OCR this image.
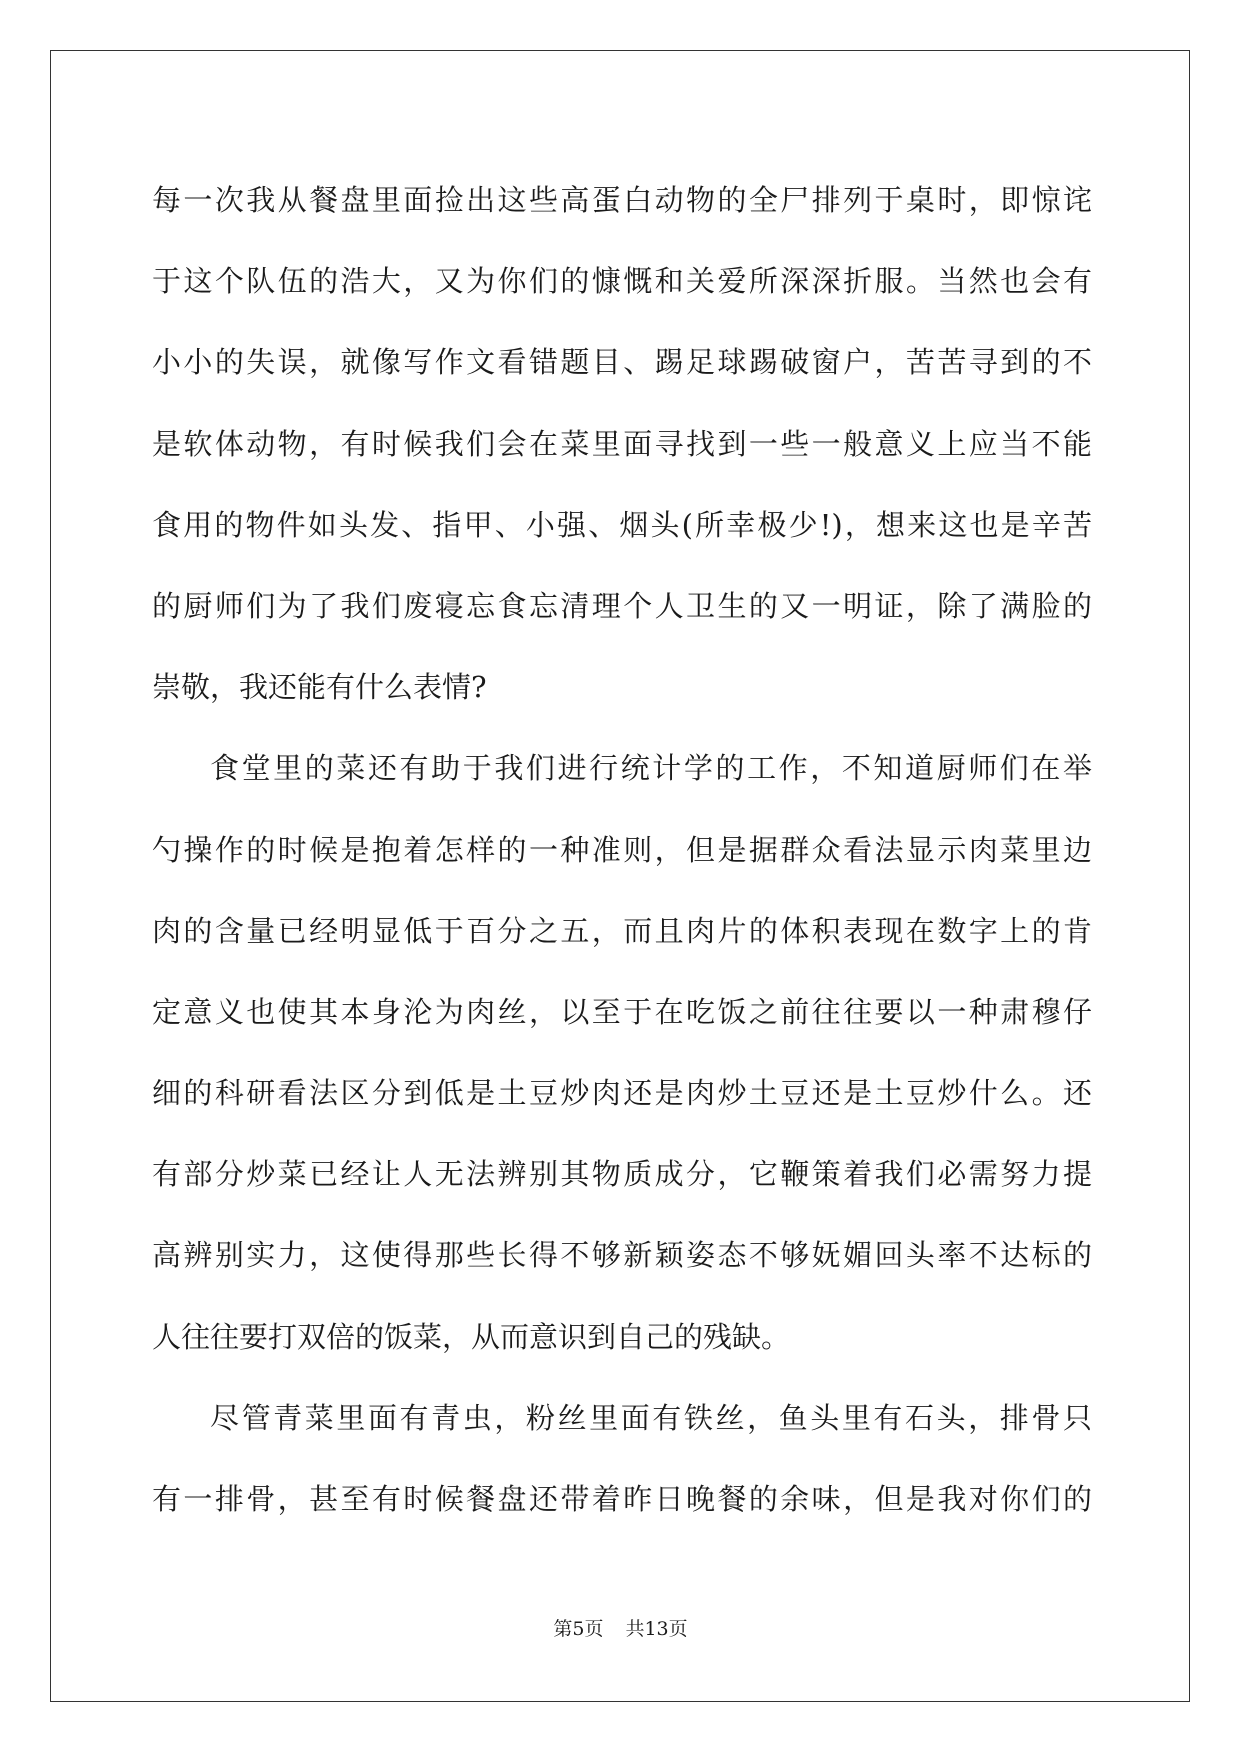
每一次我从餐盘里面捡出这些高蛋白动物的全尸排列于桌时，即惊诧
于这个队伍的浩大，又为你们的慷慨和关爱所深深折服。当然也会有
小小的失误，就像写作文看错题目、踢足球踢破窗户，苦苦寻到的不
是软体动物，有时候我们会在菜里面寻找到一些一般意义上应当不能
食用的物件如头发、指甲、小强、烟头(所幸极少!)，想来这也是辛苦
的厨师们为了我们废寝忘食忘清理个人卫生的又一明证，除了满脸的
崇敬，我还能有什么表情?
食堂里的菜还有助于我们进行统计学的工作，不知道厨师们在举
勺操作的时候是抱着怎样的一种准则，但是据群众看法显示肉菜里边
肉的含量已经明显低于百分之五，而且肉片的体积表现在数字上的肯
定意义也使其本身沦为肉丝，以至于在吃饭之前往往要以一种肃穆仔
细的科研看法区分到低是土豆炒肉还是肉炒土豆还是土豆炒什么。还
有部分炒菜已经让人无法辨别其物质成分，它鞭策着我们必需努力提
高辨别实力，这使得那些长得不够新颖姿态不够妩媚回头率不达标的
人往往要打双倍的饭菜，从而意识到自己的残缺。
尽管青菜里面有青虫，粉丝里面有铁丝，鱼头里有石头，排骨只
有一排骨，甚至有时候餐盘还带着昨日晚餐的余味，但是我对你们的
第5页 共13页
